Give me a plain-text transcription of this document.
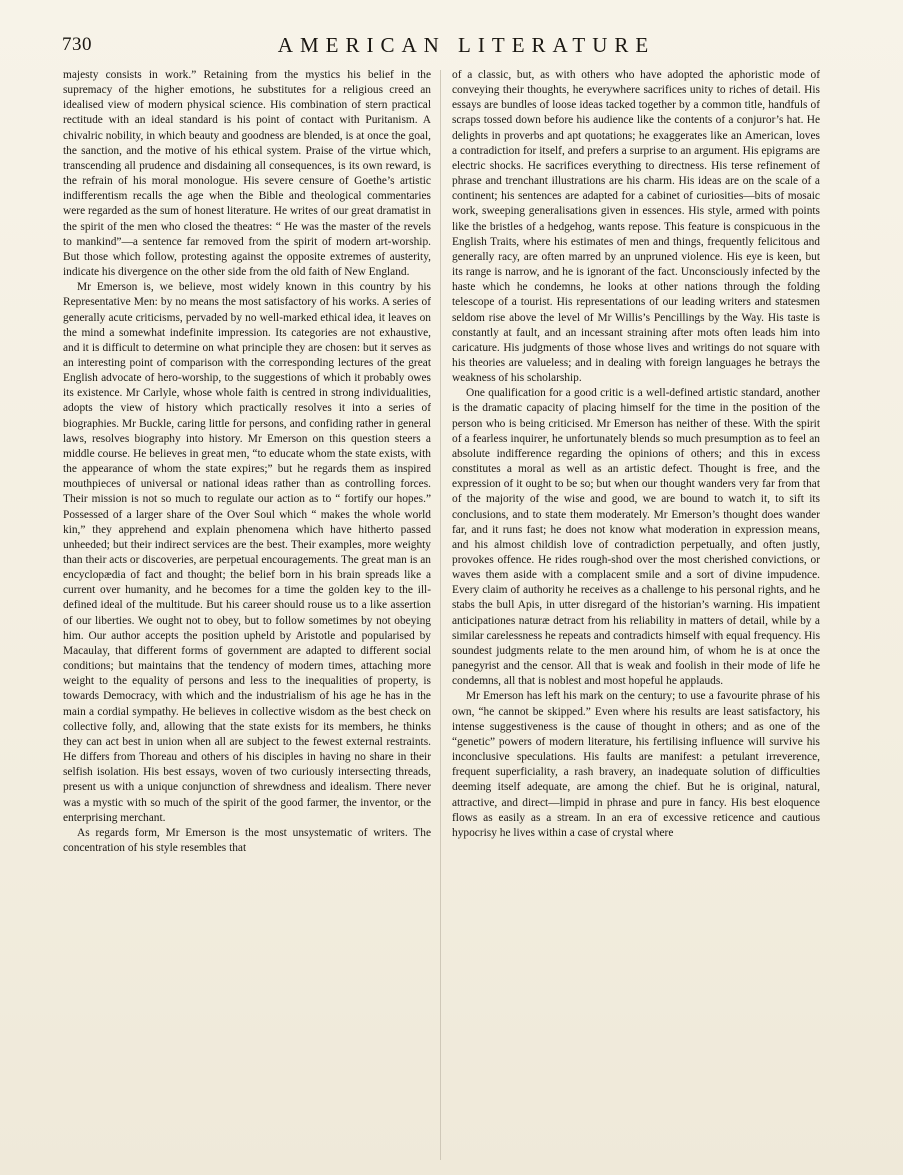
730	AMERICAN LITERATURE

majesty consists in work.” Retaining from the mystics his belief in the supremacy of the higher emotions, he substitutes for a religious creed an idealised view of modern physical science. His combination of stern practical rectitude with an ideal standard is his point of contact with Puritanism. A chivalric nobility, in which beauty and goodness are blended, is at once the goal, the sanction, and the motive of his ethical system. Praise of the virtue which, transcending all prudence and disdaining all consequences, is its own reward, is the refrain of his moral monologue. His severe censure of Goethe’s artistic indifferentism recalls the age when the Bible and theological commentaries were regarded as the sum of honest literature. He writes of our great dramatist in the spirit of the men who closed the theatres: “ He was the master of the revels to mankind”—a sentence far removed from the spirit of modern art-worship. But those which follow, protesting against the opposite extremes of austerity, indicate his divergence on the other side from the old faith of New England.

Mr Emerson is, we believe, most widely known in this country by his Representative Men: by no means the most satisfactory of his works. A series of generally acute criticisms, pervaded by no well-marked ethical idea, it leaves on the mind a somewhat indefinite impression. Its categories are not exhaustive, and it is difficult to determine on what principle they are chosen: but it serves as an interesting point of comparison with the corresponding lectures of the great English advocate of hero-worship, to the suggestions of which it probably owes its existence. Mr Carlyle, whose whole faith is centred in strong individualities, adopts the view of history which practically resolves it into a series of biographies. Mr Buckle, caring little for persons, and confiding rather in general laws, resolves biography into history. Mr Emerson on this question steers a middle course. He believes in great men, “to educate whom the state exists, with the appearance of whom the state expires;” but he regards them as inspired mouthpieces of universal or national ideas rather than as controlling forces. Their mission is not so much to regulate our action as to “ fortify our hopes.” Possessed of a larger share of the Over Soul which “ makes the whole world kin,” they apprehend and explain phenomena which have hitherto passed unheeded; but their indirect services are the best. Their examples, more weighty than their acts or discoveries, are perpetual encouragements. The great man is an encyclopædia of fact and thought; the belief born in his brain spreads like a current over humanity, and he becomes for a time the golden key to the ill-defined ideal of the multitude. But his career should rouse us to a like assertion of our liberties. We ought not to obey, but to follow sometimes by not obeying him. Our author accepts the position upheld by Aristotle and popularised by Macaulay, that different forms of government are adapted to different social conditions; but maintains that the tendency of modern times, attaching more weight to the equality of persons and less to the inequalities of property, is towards Democracy, with which and the industrialism of his age he has in the main a cordial sympathy. He believes in collective wisdom as the best check on collective folly, and, allowing that the state exists for its members, he thinks they can act best in union when all are subject to the fewest external restraints. He differs from Thoreau and others of his disciples in having no share in their selfish isolation. His best essays, woven of two curiously intersecting threads, present us with a unique conjunction of shrewdness and idealism. There never was a mystic with so much of the spirit of the good farmer, the inventor, or the enterprising merchant.

As regards form, Mr Emerson is the most unsystematic of writers. The concentration of his style resembles that

of a classic, but, as with others who have adopted the aphoristic mode of conveying their thoughts, he everywhere sacrifices unity to riches of detail. His essays are bundles of loose ideas tacked together by a common title, handfuls of scraps tossed down before his audience like the contents of a conjuror’s hat. He delights in proverbs and apt quotations; he exaggerates like an American, loves a contradiction for itself, and prefers a surprise to an argument. His epigrams are electric shocks. He sacrifices everything to directness. His terse refinement of phrase and trenchant illustrations are his charm. His ideas are on the scale of a continent; his sentences are adapted for a cabinet of curiosities—bits of mosaic work, sweeping generalisations given in essences. His style, armed with points like the bristles of a hedgehog, wants repose. This feature is conspicuous in the English Traits, where his estimates of men and things, frequently felicitous and generally racy, are often marred by an unpruned violence. His eye is keen, but its range is narrow, and he is ignorant of the fact. Unconsciously infected by the haste which he condemns, he looks at other nations through the folding telescope of a tourist. His representations of our leading writers and statesmen seldom rise above the level of Mr Willis’s Pencillings by the Way. His taste is constantly at fault, and an incessant straining after mots often leads him into caricature. His judgments of those whose lives and writings do not square with his theories are valueless; and in dealing with foreign languages he betrays the weakness of his scholarship.

One qualification for a good critic is a well-defined artistic standard, another is the dramatic capacity of placing himself for the time in the position of the person who is being criticised. Mr Emerson has neither of these. With the spirit of a fearless inquirer, he unfortunately blends so much presumption as to feel an absolute indifference regarding the opinions of others; and this in excess constitutes a moral as well as an artistic defect. Thought is free, and the expression of it ought to be so; but when our thought wanders very far from that of the majority of the wise and good, we are bound to watch it, to sift its conclusions, and to state them moderately. Mr Emerson’s thought does wander far, and it runs fast; he does not know what moderation in expression means, and his almost childish love of contradiction perpetually, and often justly, provokes offence. He rides rough-shod over the most cherished convictions, or waves them aside with a complacent smile and a sort of divine impudence. Every claim of authority he receives as a challenge to his personal rights, and he stabs the bull Apis, in utter disregard of the historian’s warning. His impatient anticipationes naturæ detract from his reliability in matters of detail, while by a similar carelessness he repeats and contradicts himself with equal frequency. His soundest judgments relate to the men around him, of whom he is at once the panegyrist and the censor. All that is weak and foolish in their mode of life he condemns, all that is noblest and most hopeful he applauds.

Mr Emerson has left his mark on the century; to use a favourite phrase of his own, “he cannot be skipped.” Even where his results are least satisfactory, his intense suggestiveness is the cause of thought in others; and as one of the “genetic” powers of modern literature, his fertilising influence will survive his inconclusive speculations. His faults are manifest: a petulant irreverence, frequent superficiality, a rash bravery, an inadequate solution of difficulties deeming itself adequate, are among the chief. But he is original, natural, attractive, and direct—limpid in phrase and pure in fancy. His best eloquence flows as easily as a stream. In an era of excessive reticence and cautious hypocrisy he lives within a case of crystal where
